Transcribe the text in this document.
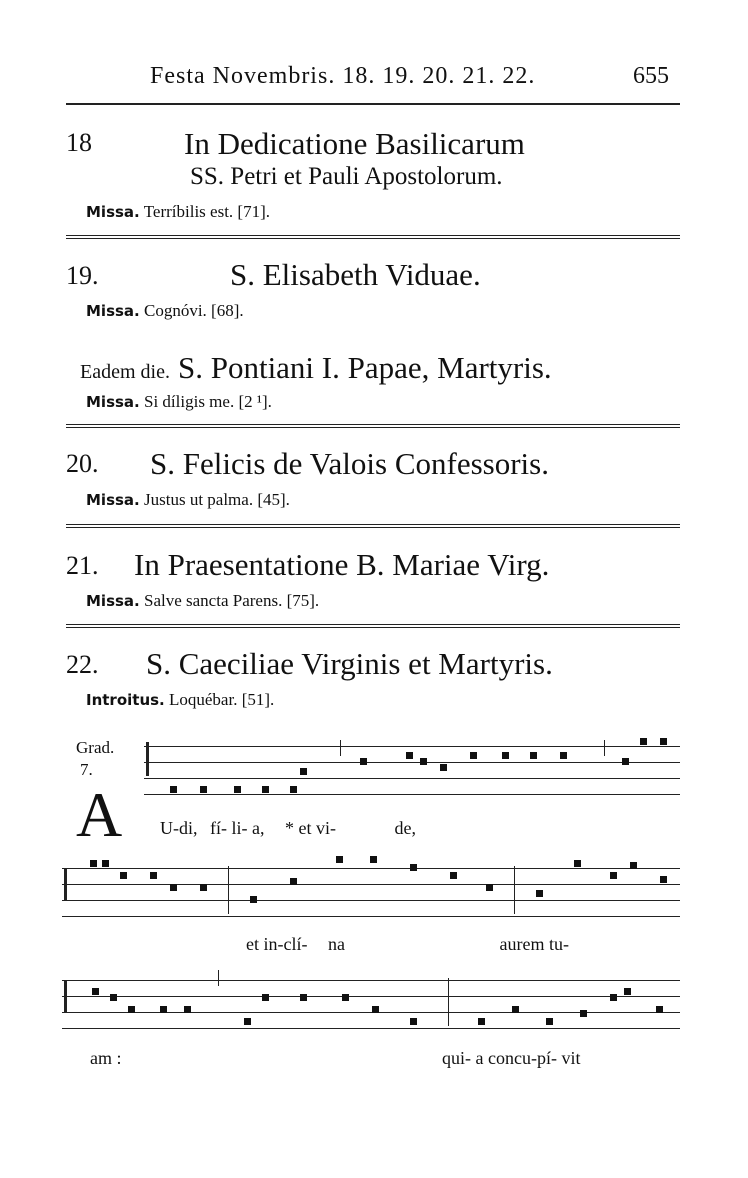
Festa Novembris. 18. 19. 20. 21. 22.	655
18	In Dedicatione Basilicarum
SS. Petri et Pauli Apostolorum.
Missa. Terríbilis est. [71].
19.	S. Elisabeth Viduae.
Missa. Cognóvi. [68].
Eadem die. S. Pontiani I. Papae, Martyris.
Missa. Si díligis me. [2 ¹].
20. S. Felicis de Valois Confessoris.
Missa. Justus ut palma. [45].
21. In Praesentatione B. Mariae Virg.
Missa. Salve sancta Parens. [75].
22. S. Caeciliae Virginis et Martyris.
Introitus. Loquébar. [51].
Grad.
7.
A U-di, fí- li- a, * et vi-	de,
et in-clí- na	aurem tu-
am :	qui- a concu-pí- vit
